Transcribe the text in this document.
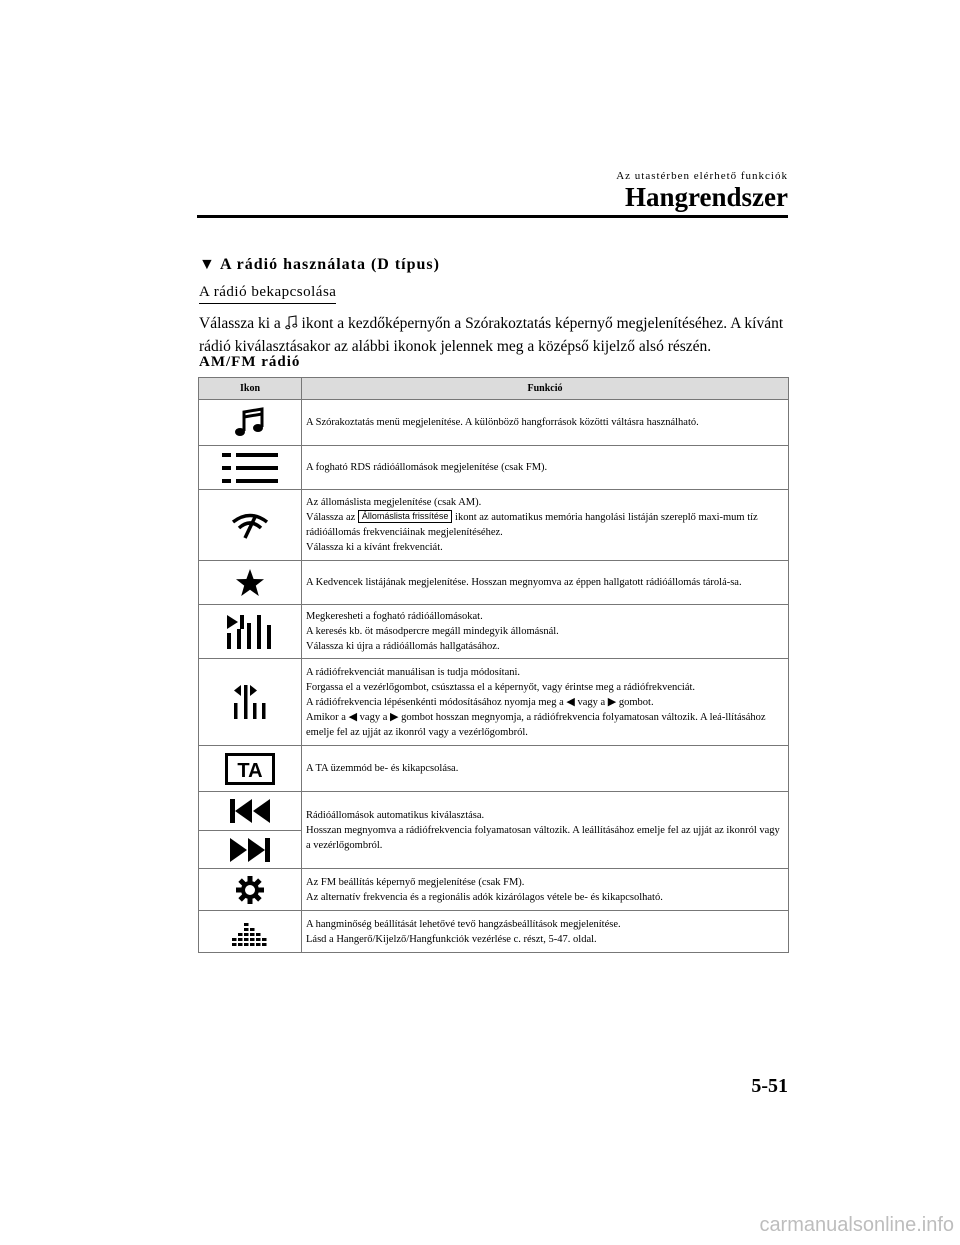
Az utastérben elérhető funkciók
Hangrendszer
▼ A rádió használata (D típus)
A rádió bekapcsolása
Válassza ki a  ikont a kezdőképernyőn a Szórakoztatás képernyő megjelenítéséhez. A kívánt rádió kiválasztásakor az alábbi ikonok jelennek meg a középső kijelző alsó részén.
AM/FM rádió
Ikon	Funkció

A Szórakoztatás menü megjelenítése. A különböző hangforrások közötti váltásra használható.

A fogható RDS rádióállomások megjelenítése (csak FM).

Az állomáslista megjelenítése (csak AM).
Válassza az Állomáslista frissítése ikont az automatikus memória hangolási listáján szereplő maxi-mum tíz rádióállomás frekvenciáinak megjelenítéséhez.
Válassza ki a kívánt frekvenciát.

A Kedvencek listájának megjelenítése. Hosszan megnyomva az éppen hallgatott rádióállomás tárolá-sa.

Megkeresheti a fogható rádióállomásokat.
A keresés kb. öt másodpercre megáll mindegyik állomásnál.
Válassza ki újra a rádióállomás hallgatásához.

A rádiófrekvenciát manuálisan is tudja módosítani.
Forgassa el a vezérlőgombot, csúsztassa el a képernyőt, vagy érintse meg a rádiófrekvenciát.
A rádiófrekvencia lépésenkénti módosításához nyomja meg a ◀ vagy a ▶ gombot.
Amikor a ◀ vagy a ▶ gombot hosszan megnyomja, a rádiófrekvencia folyamatosan változik. A leá-llításához emelje fel az ujját az ikonról vagy a vezérlőgombról.

TA	A TA üzemmód be- és kikapcsolása.

Rádióállomások automatikus kiválasztása.
Hosszan megnyomva a rádiófrekvencia folyamatosan változik. A leállításához emelje fel az ujját az ikonról vagy a vezérlőgombról.

Az FM beállítás képernyő megjelenítése (csak FM).
Az alternatív frekvencia és a regionális adók kizárólagos vétele be- és kikapcsolható.

A hangminőség beállítását lehetővé tevő hangzásbeállítások megjelenítése.
Lásd a Hangerő/Kijelző/Hangfunkciók vezérlése c. részt, 5-47. oldal.
5-51
carmanualsonline.info
